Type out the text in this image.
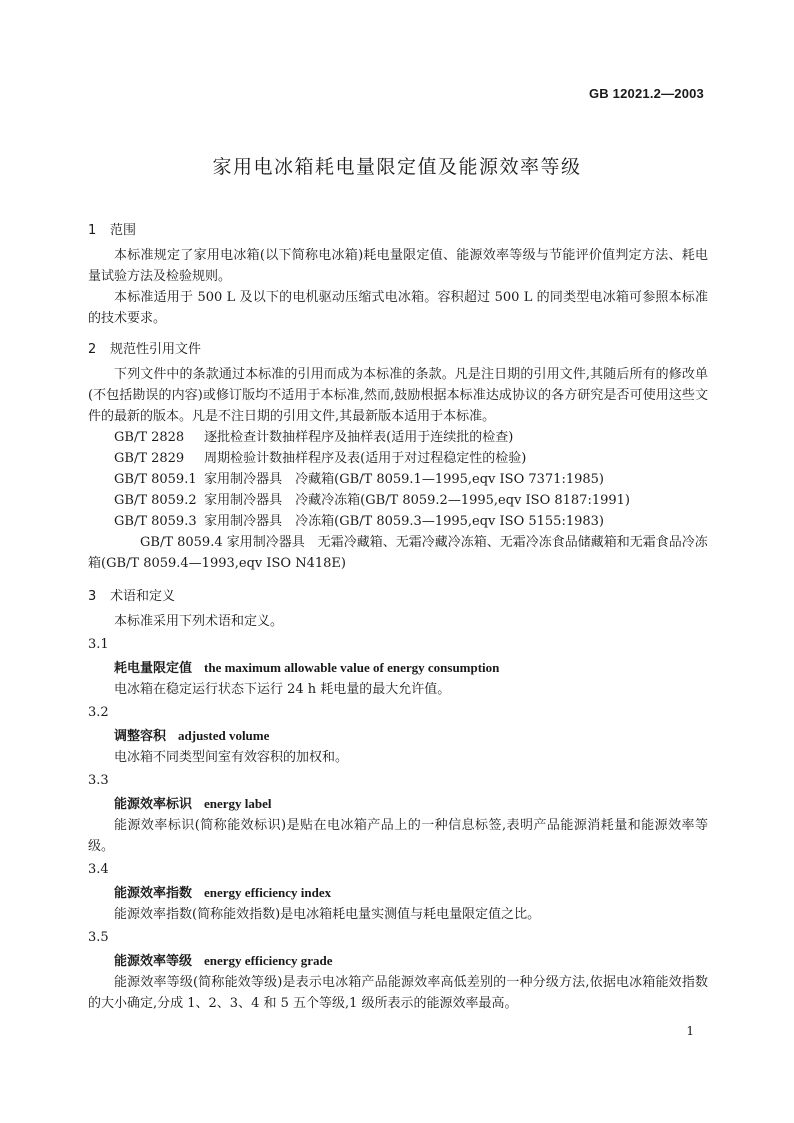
GB 12021.2—2003
家用电冰箱耗电量限定值及能源效率等级
1 范围

本标准规定了家用电冰箱(以下简称电冰箱)耗电量限定值、能源效率等级与节能评价值判定方法、耗电量试验方法及检验规则。

本标准适用于 500 L 及以下的电机驱动压缩式电冰箱。容积超过 500 L 的同类型电冰箱可参照本标准的技术要求。

2 规范性引用文件

下列文件中的条款通过本标准的引用而成为本标准的条款。凡是注日期的引用文件,其随后所有的修改单(不包括勘误的内容)或修订版均不适用于本标准,然而,鼓励根据本标准达成协议的各方研究是否可使用这些文件的最新的版本。凡是不注日期的引用文件,其最新版本适用于本标准。

GB/T 2828 逐批检查计数抽样程序及抽样表(适用于连续批的检查)

GB/T 2829 周期检验计数抽样程序及表(适用于对过程稳定性的检验)

GB/T 8059.1 家用制冷器具　冷藏箱(GB/T 8059.1—1995,eqv ISO 7371:1985)

GB/T 8059.2 家用制冷器具　冷藏冷冻箱(GB/T 8059.2—1995,eqv ISO 8187:1991)

GB/T 8059.3 家用制冷器具　冷冻箱(GB/T 8059.3—1995,eqv ISO 5155:1983)

GB/T 8059.4 家用制冷器具　无霜冷藏箱、无霜冷藏冷冻箱、无霜冷冻食品储藏箱和无霜食品冷冻箱(GB/T 8059.4—1993,eqv ISO N418E)

3 术语和定义

本标准采用下列术语和定义。

3.1

耗电量限定值 the maximum allowable value of energy consumption

电冰箱在稳定运行状态下运行 24 h 耗电量的最大允许值。

3.2

调整容积 adjusted volume

电冰箱不同类型间室有效容积的加权和。

3.3

能源效率标识 energy label

能源效率标识(简称能效标识)是贴在电冰箱产品上的一种信息标签,表明产品能源消耗量和能源效率等级。

3.4

能源效率指数 energy efficiency index

能源效率指数(简称能效指数)是电冰箱耗电量实测值与耗电量限定值之比。

3.5

能源效率等级 energy efficiency grade

能源效率等级(简称能效等级)是表示电冰箱产品能源效率高低差别的一种分级方法,依据电冰箱能效指数的大小确定,分成 1、2、3、4 和 5 五个等级,1 级所表示的能源效率最高。

1
